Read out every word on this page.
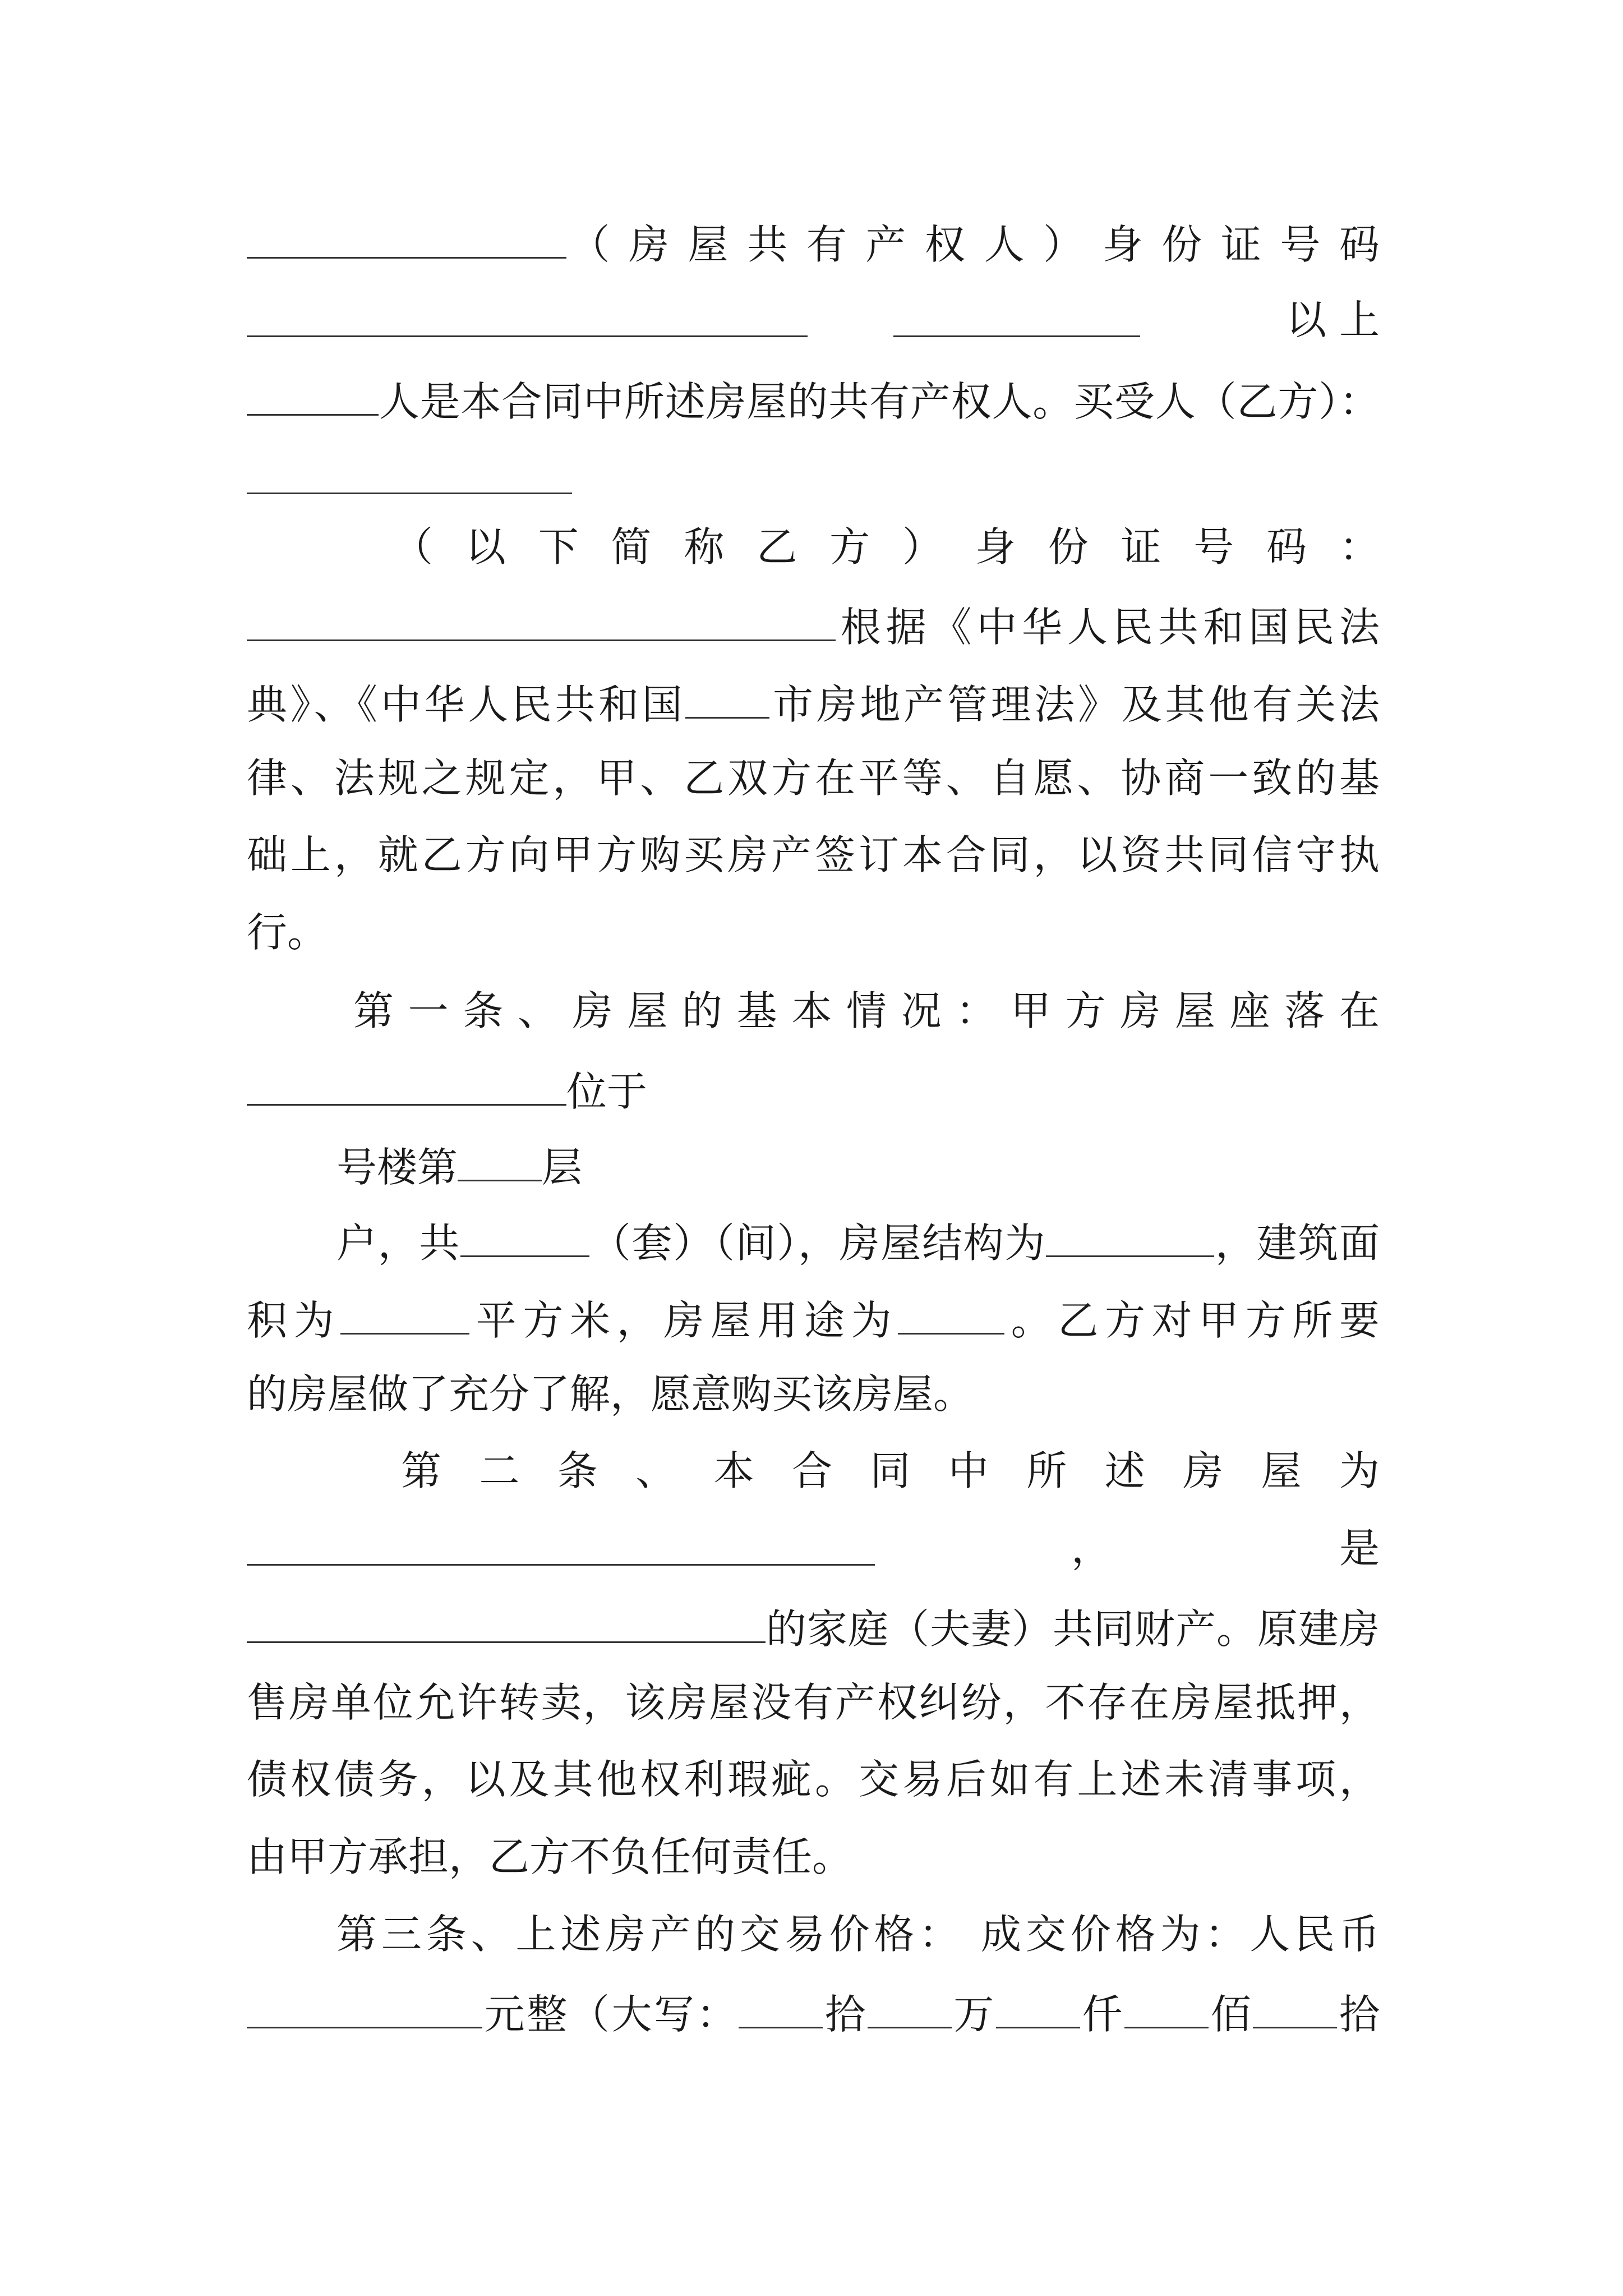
（ 房 屋 共 有 产 权 人 ） 身 份 证 号 码

以 上
人是本合同中所述房屋的共有产权人。买受人（乙方）：
（ 以 下 简 称 乙 方 ） 身 份 证 号 码 ：
根据《中华人民共和国民法
典》、《中华人民共和国 市房地产管理法》及其他有关法
律、法规之规定，甲、乙双方在平等、自愿、协商一致的基
础上，就乙方向甲方购买房产签订本合同，以资共同信守执
行。
第 一 条 、 房 屋 的 基 本 情 况 ： 甲 方 房 屋 座 落 在
位于
号楼第 层
户，共	（套）（间），房屋结构为	，建筑面
积为	平方米，房屋用途为	。乙方对甲方所要
的房屋做了充分了解，愿意购买该房屋。
第 二 条 、 本 合 同 中 所 述 房 屋 为
，	是
的家庭（夫妻）共同财产。原建房
售房单位允许转卖，该房屋没有产权纠纷，不存在房屋抵押，
债权债务，以及其他权利瑕疵。交易后如有上述未清事项，
由甲方承担，乙方不负任何责任。
第三条、上述房产的交易价格： 成交价格为：人民币
元整（大写： 拾 万 仟 佰 拾
